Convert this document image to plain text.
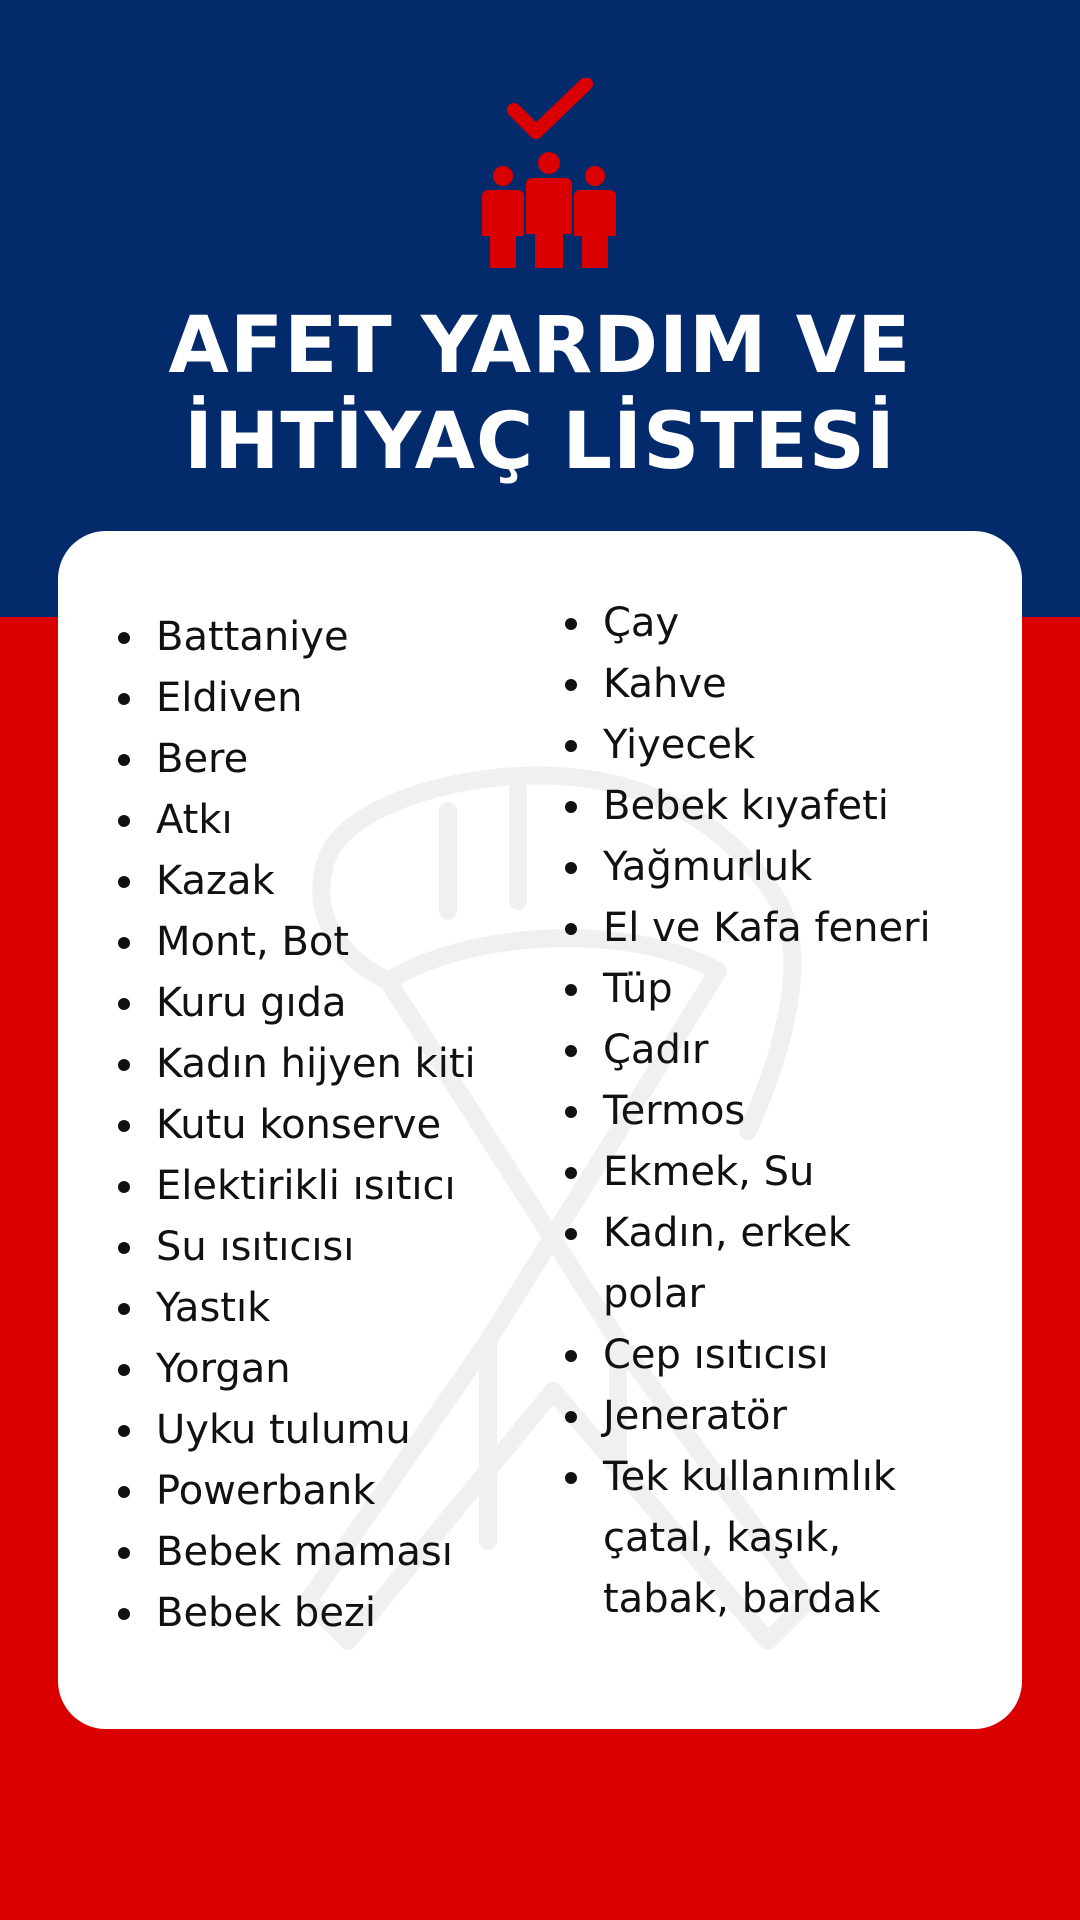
AFET YARDIM VE
İHTİYAÇ LİSTESİ
Battaniye
Eldiven
Bere
Atkı
Kazak
Mont, Bot
Kuru gıda
Kadın hijyen kiti
Kutu konserve
Elektirikli ısıtıcı
Su ısıtıcısı
Yastık
Yorgan
Uyku tulumu
Powerbank
Bebek maması
Bebek bezi
Çay
Kahve
Yiyecek
Bebek kıyafeti
Yağmurluk
El ve Kafa feneri
Tüp
Çadır
Termos
Ekmek, Su
Kadın, erkek polar
Cep ısıtıcısı
Jeneratör
Tek kullanımlık çatal, kaşık, tabak, bardak
